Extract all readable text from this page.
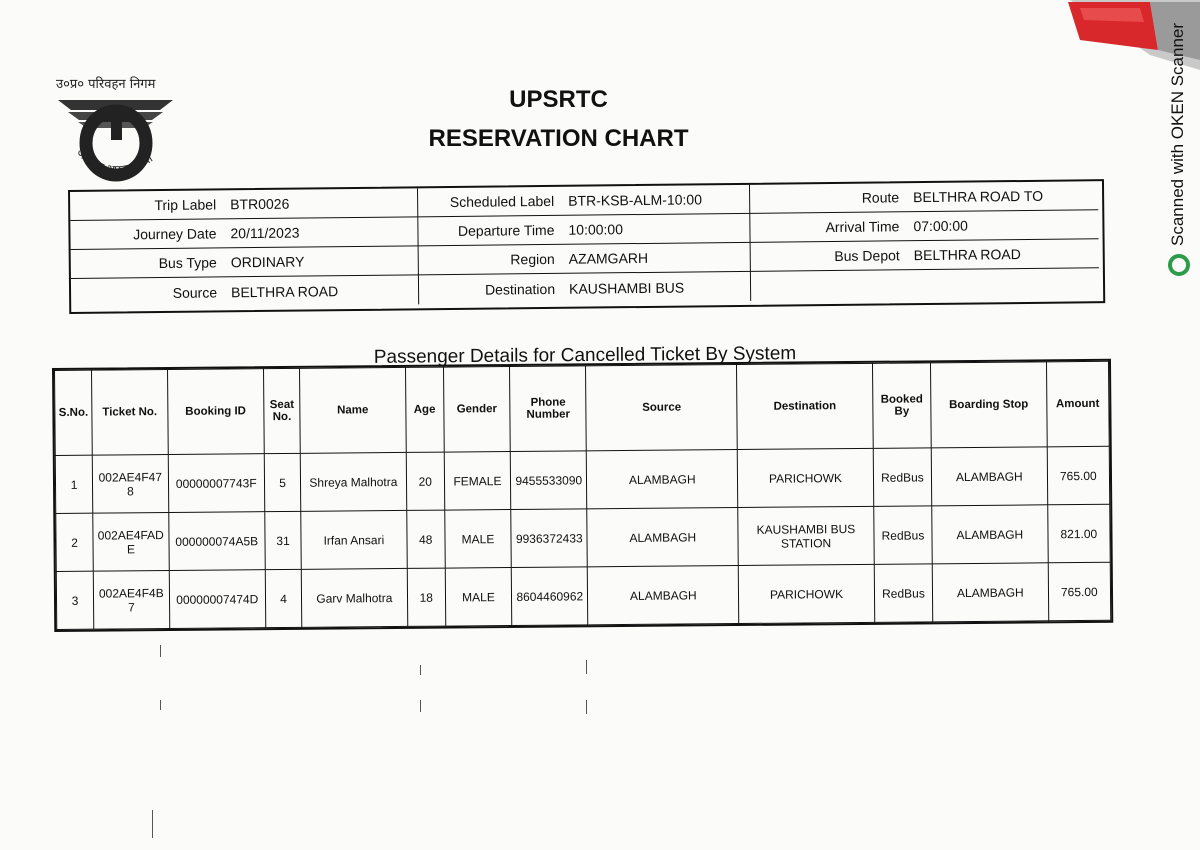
उ०प्र० परिवहन निगम
आपका अपना साथी
UPSRTC
RESERVATION CHART
Trip Label BTR0026	Scheduled Label BTR-KSB-ALM-10:00	Route BELTHRA ROAD TO
Journey Date 20/11/2023	Departure Time 10:00:00	Arrival Time 07:00:00
Bus Type ORDINARY	Region AZAMGARH	Bus Depot BELTHRA ROAD
Source BELTHRA ROAD	Destination KAUSHAMBI BUS
Passenger Details for Cancelled Ticket By System
S.No.	Ticket No.	Booking ID	Seat No.	Name	Age	Gender	Phone Number	Source	Destination	Booked By	Boarding Stop	Amount
1	002AE4F478	00000007743F	5	Shreya Malhotra	20	FEMALE	9455533090	ALAMBAGH	PARICHOWK	RedBus	ALAMBAGH	765.00
2	002AE4FADE	000000074A5B	31	Irfan Ansari	48	MALE	9936372433	ALAMBAGH	KAUSHAMBI BUS STATION	RedBus	ALAMBAGH	821.00
3	002AE4F4B7	00000007474D	4	Garv Malhotra	18	MALE	8604460962	ALAMBAGH	PARICHOWK	RedBus	ALAMBAGH	765.00
Scanned with OKEN Scanner
